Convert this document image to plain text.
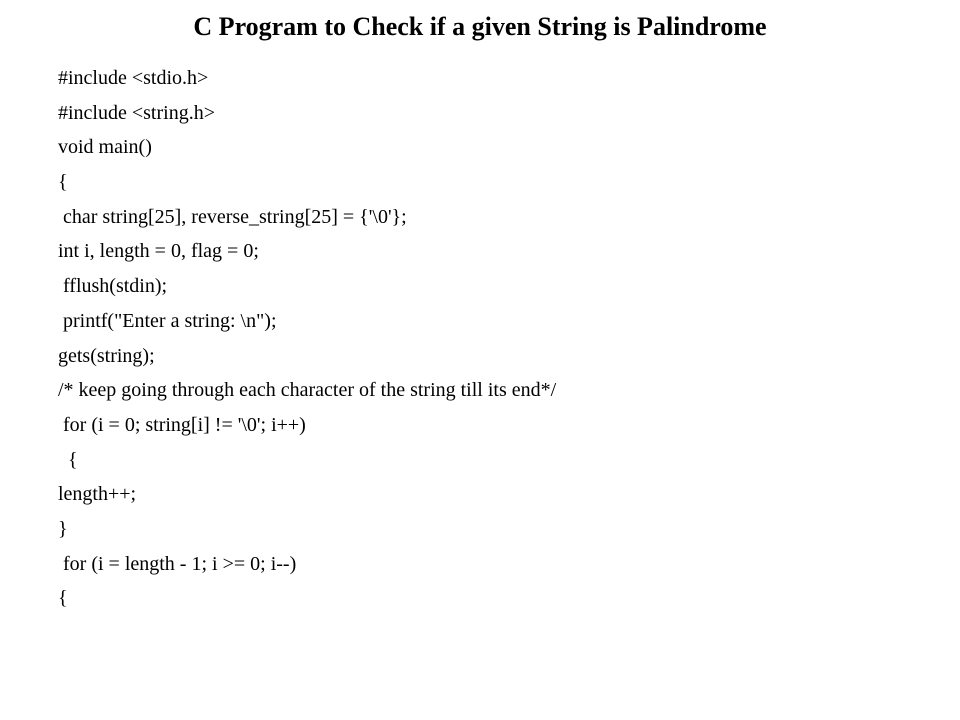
C Program to Check if a given String is Palindrome
#include <stdio.h>
#include <string.h>
void main()
{
char string[25], reverse_string[25] = {'\0'};
int i, length = 0, flag = 0;
fflush(stdin);
printf("Enter a string: \n");
gets(string);
/* keep going through each character of the string till its end*/
for (i = 0; string[i] != '\0'; i++)
{
length++;
}
for (i = length - 1; i >= 0; i--)
{
